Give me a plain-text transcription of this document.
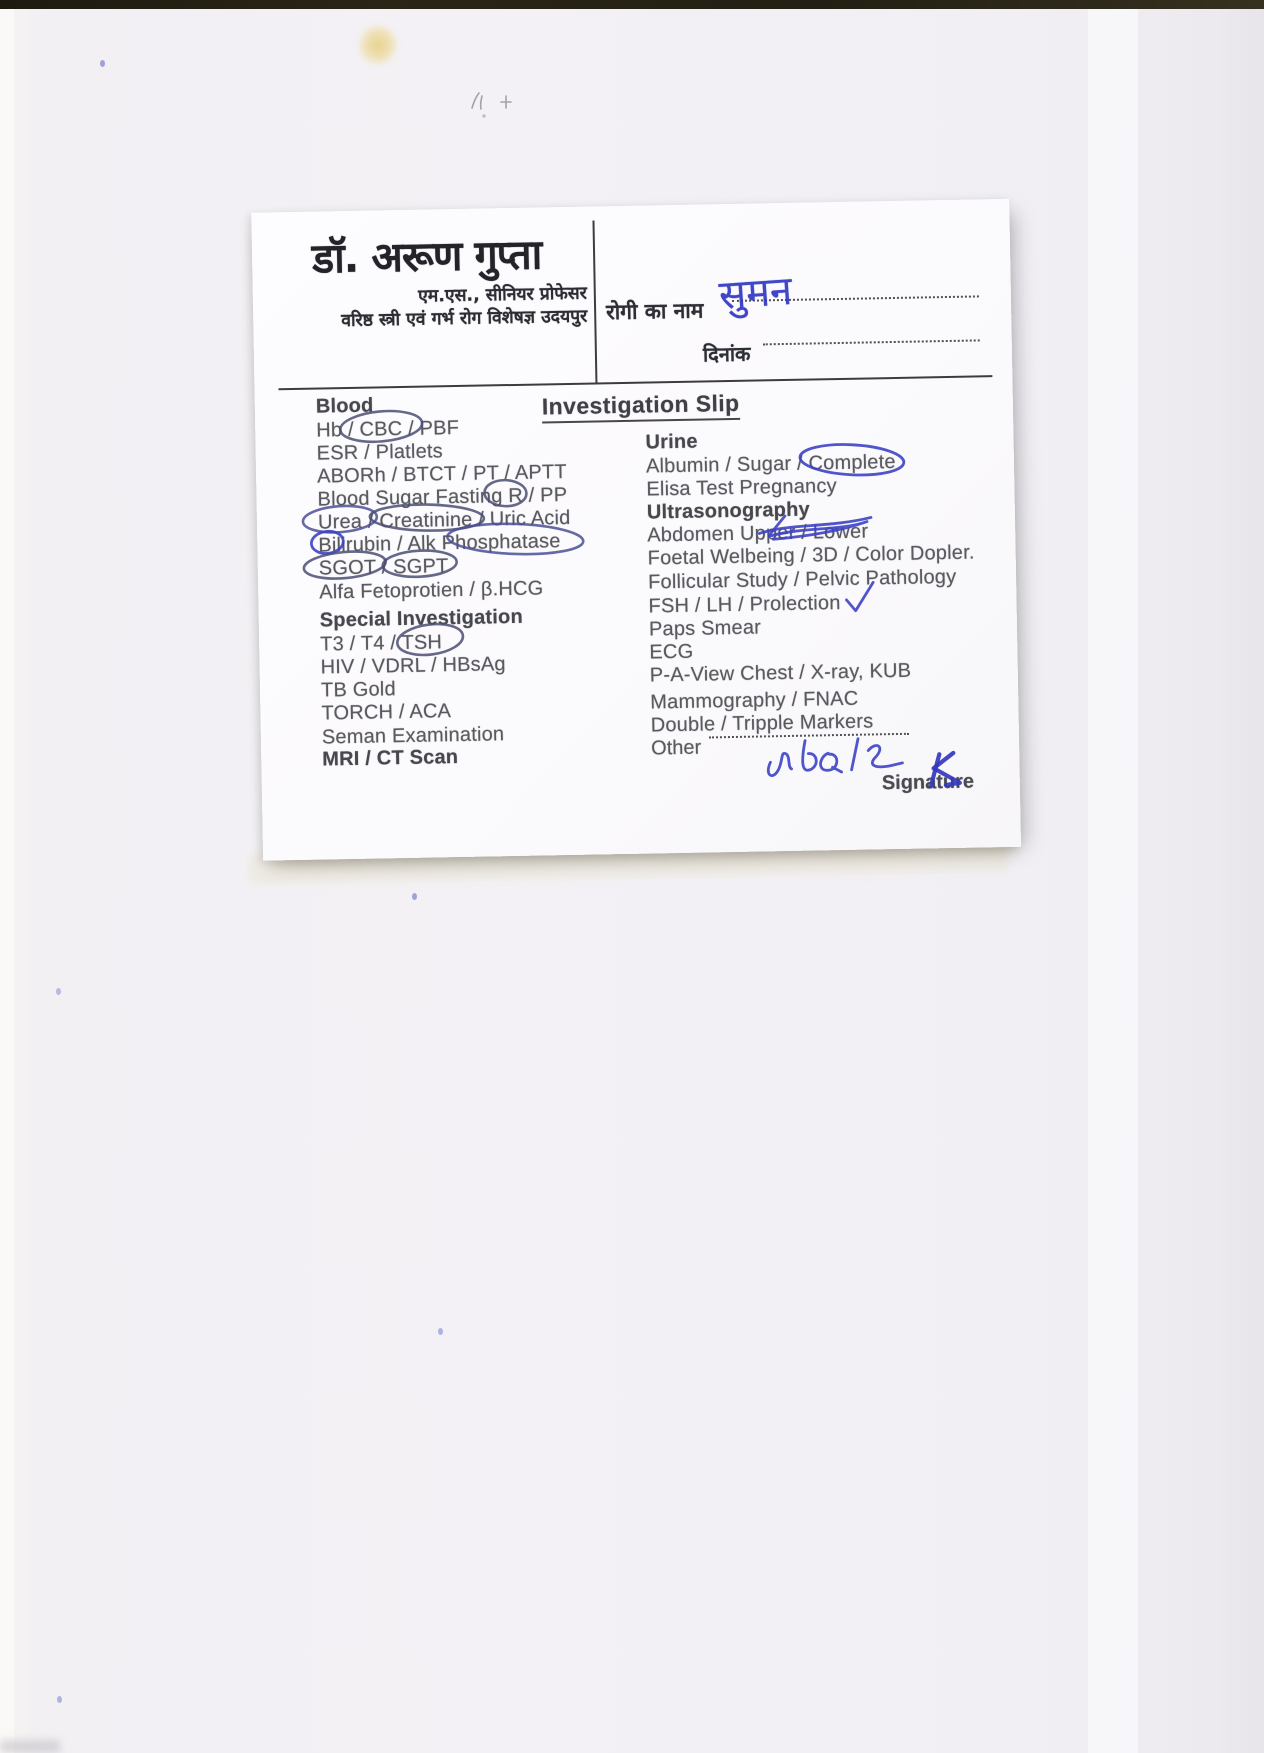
डॉ. अरूण गुप्ता
एम.एस., सीनियर प्रोफेसर
वरिष्ठ स्त्री एवं गर्भ रोग विशेषज्ञ उदयपुर रोगी का नाम सुमन
दिनांक
Investigation Slip
Blood
Hb / CBC / PBF
ESR / Platlets
ABORh / BTCT / PT / APTT
Blood Sugar Fasting R / PP
Urea / Creatinine / Uric Acid
Bilirubin / Alk Phosphatase
SGOT / SGPT
Alfa Fetoprotien / β.HCG
Special Investigation
T3 / T4 / TSH
HIV / VDRL / HBsAg
TB Gold
TORCH / ACA
Seman Examination
MRI / CT Scan
Urine
Albumin / Sugar / Complete
Elisa Test Pregnancy
Ultrasonography
Abdomen Upper / Lower
Foetal Welbeing / 3D / Color Dopler.
Follicular Study / Pelvic Pathology
FSH / LH / Prolection
Paps Smear
ECG
P-A-View Chest / X-ray, KUB
Mammography / FNAC
Double / Tripple Markers
Other
Signature
